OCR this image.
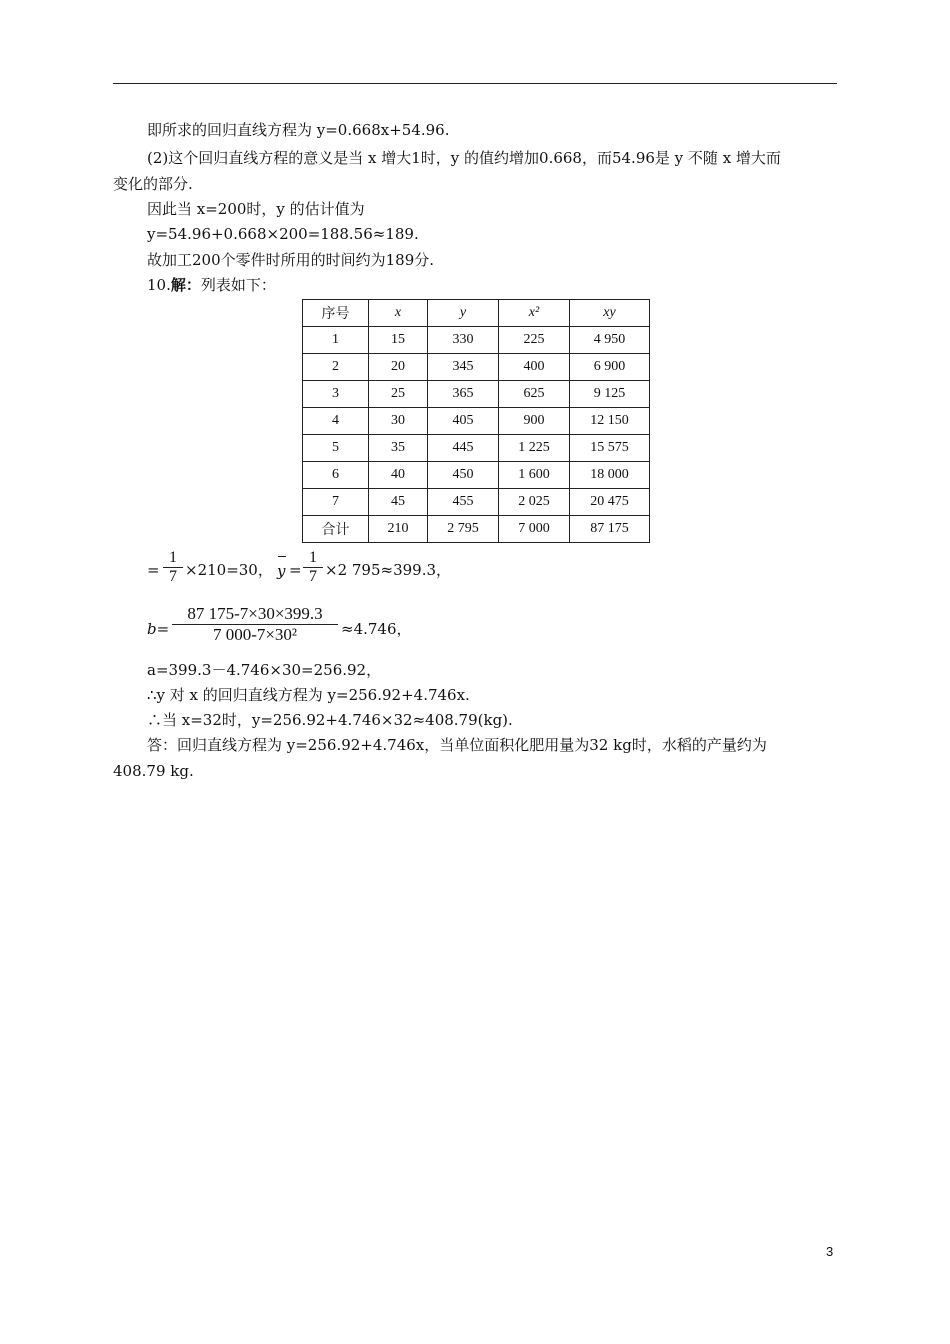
即所求的回归直线方程为 y=0.668x+54.96.
(2)这个回归直线方程的意义是当 x 增大1时，y 的值约增加0.668，而54.96是 y 不随 x 增大而
变化的部分.
因此当 x=200时，y 的估计值为
y=54.96+0.668×200=188.56≈189.
故加工200个零件时所用的时间约为189分.
10.解：列表如下：
序号	x	y	x²	xy
1	15	330	225	4 950
2	20	345	400	6 900
3	25	365	625	9 125
4	30	405	900	12 150
5	35	445	1 225	15 575
6	40	450	1 600	18 000
7	45	455	2 025	20 475
合计	210	2 795	7 000	87 175
=
1
7 ×210=30， y =
1
7 ×2 795≈399.3，
b=
87 175-7×30×399.3
7 000-7×30²	≈4.746，
a=399.3－4.746×30=256.92，
∴y 对 x 的回归直线方程为 y=256.92+4.746x.
∴当 x=32时，y=256.92+4.746×32≈408.79(kg).
答：回归直线方程为 y=256.92+4.746x，当单位面积化肥用量为32 kg时，水稻的产量约为
408.79 kg.
3
